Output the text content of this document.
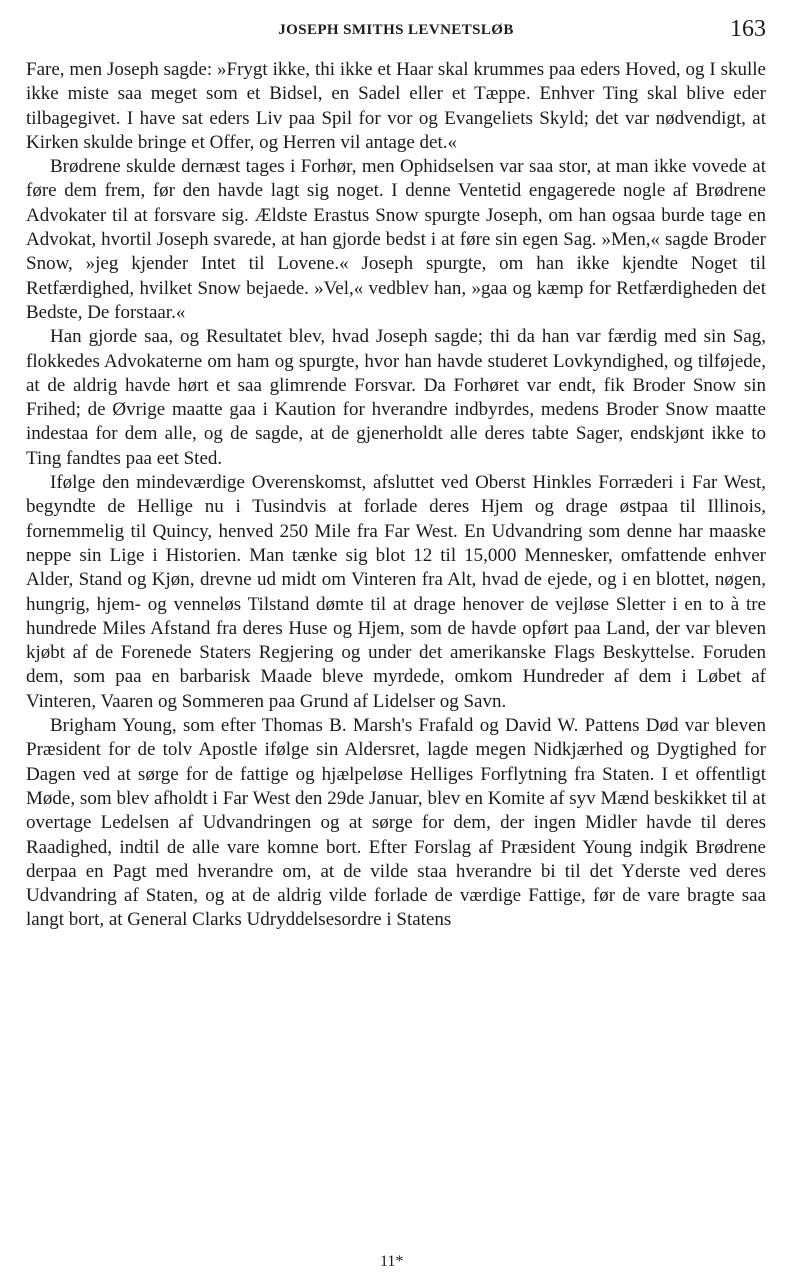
JOSEPH SMITHS LEVNETSLØB	163

Fare, men Joseph sagde: »Frygt ikke, thi ikke et Haar skal krummes paa eders Hoved, og I skulle ikke miste saa meget som et Bidsel, en Sadel eller et Tæppe. Enhver Ting skal blive eder tilbagegivet. I have sat eders Liv paa Spil for vor og Evangeliets Skyld; det var nødvendigt, at Kirken skulde bringe et Offer, og Herren vil antage det.«

Brødrene skulde dernæst tages i Forhør, men Ophidselsen var saa stor, at man ikke vovede at føre dem frem, før den havde lagt sig noget. I denne Ventetid engagerede nogle af Brødrene Advokater til at forsvare sig. Ældste Erastus Snow spurgte Joseph, om han ogsaa burde tage en Advokat, hvortil Joseph svarede, at han gjorde bedst i at føre sin egen Sag. »Men,« sagde Broder Snow, »jeg kjender Intet til Lovene.« Joseph spurgte, om han ikke kjendte Noget til Retfærdighed, hvilket Snow bejaede. »Vel,« vedblev han, »gaa og kæmp for Retfærdigheden det Bedste, De forstaar.«

Han gjorde saa, og Resultatet blev, hvad Joseph sagde; thi da han var færdig med sin Sag, flokkedes Advokaterne om ham og spurgte, hvor han havde studeret Lovkyndighed, og tilføjede, at de aldrig havde hørt et saa glimrende Forsvar. Da Forhøret var endt, fik Broder Snow sin Frihed; de Øvrige maatte gaa i Kaution for hverandre indbyrdes, medens Broder Snow maatte indestaa for dem alle, og de sagde, at de gjenerholdt alle deres tabte Sager, endskjønt ikke to Ting fandtes paa eet Sted.

Ifølge den mindeværdige Overenskomst, afsluttet ved Oberst Hinkles Forræderi i Far West, begyndte de Hellige nu i Tusindvis at forlade deres Hjem og drage østpaa til Illinois, fornemmelig til Quincy, henved 250 Mile fra Far West. En Udvandring som denne har maaske neppe sin Lige i Historien. Man tænke sig blot 12 til 15,000 Mennesker, omfattende enhver Alder, Stand og Kjøn, drevne ud midt om Vinteren fra Alt, hvad de ejede, og i en blottet, nøgen, hungrig, hjem- og venneløs Tilstand dømte til at drage henover de vejløse Sletter i en to à tre hundrede Miles Afstand fra deres Huse og Hjem, som de havde opført paa Land, der var bleven kjøbt af de Forenede Staters Regjering og under det amerikanske Flags Beskyttelse. Foruden dem, som paa en barbarisk Maade bleve myrdede, omkom Hundreder af dem i Løbet af Vinteren, Vaaren og Sommeren paa Grund af Lidelser og Savn.

Brigham Young, som efter Thomas B. Marsh's Frafald og David W. Pattens Død var bleven Præsident for de tolv Apostle ifølge sin Aldersret, lagde megen Nidkjærhed og Dygtighed for Dagen ved at sørge for de fattige og hjælpeløse Helliges Forflytning fra Staten. I et offentligt Møde, som blev afholdt i Far West den 29de Januar, blev en Komite af syv Mænd beskikket til at overtage Ledelsen af Udvandringen og at sørge for dem, der ingen Midler havde til deres Raadighed, indtil de alle vare komne bort. Efter Forslag af Præsident Young indgik Brødrene derpaa en Pagt med hverandre om, at de vilde staa hverandre bi til det Yderste ved deres Udvandring af Staten, og at de aldrig vilde forlade de værdige Fattige, før de vare bragte saa langt bort, at General Clarks Udryddelsesordre i Statens

11*
